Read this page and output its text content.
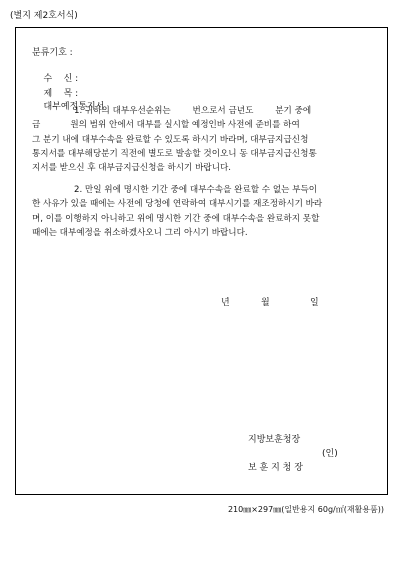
(별지 제2호서식)
분류기호 :

수    신 :

제    목 :
대부예정통지서

1. 귀하의 대부우선순위는        번으로서 금년도        분기 중에
금           원의 범위 안에서 대부를 실시할 예정인바 사전에 준비를 하여
그 분기 내에 대부수속을 완료할 수 있도록 하시기 바라며, 대부금지급신청
통지서를 대부해당분기 직전에 별도로 발송할 것이오니 동 대부금지급신청통
지서를 받으신 후 대부금지급신청을 하시기 바랍니다.
2. 만일 위에 명시한 기간 중에 대부수속을 완료할 수 없는 부득이
한 사유가 있을 때에는 사전에 당청에 연락하여 대부시기를 재조정하시기 바라
며, 이를 이행하지 아니하고 위에 명시한 기간 중에 대부수속을 완료하지 못할
때에는 대부예정을 취소하겠사오니 그리 아시기 바랍니다.
년	월	일
지방보훈청장
(인)
보 훈 지 청 장
210㎜×297㎜(일반용지 60g/㎡(재활용품))
